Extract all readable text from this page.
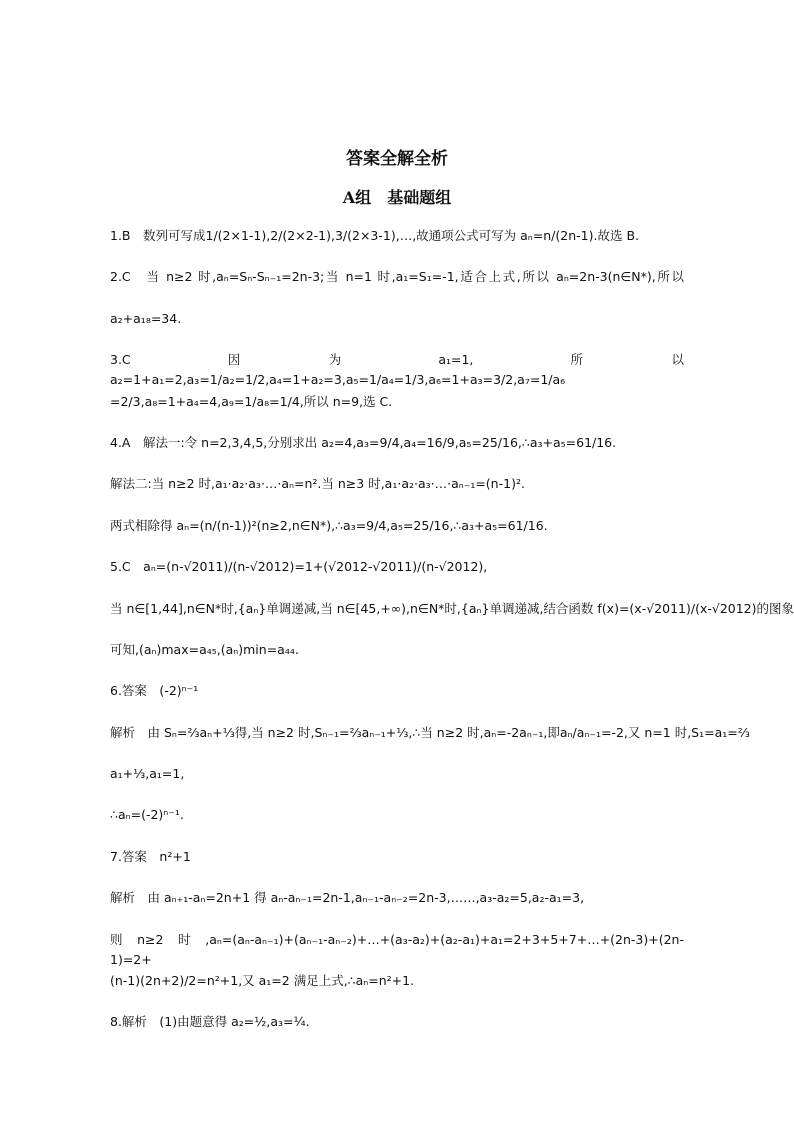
答案全解全析
A组　基础题组
1.B　数列可写成1/(2×1-1),2/(2×2-1),3/(2×3-1),…,故通项公式可写为 aₙ=n/(2n-1).故选 B.
2.C　当 n≥2 时,aₙ=Sₙ-Sₙ₋₁=2n-3;当 n=1 时,a₁=S₁=-1,适合上式,所以 aₙ=2n-3(n∈N*),所以
a₂+a₁₈=34.
3.C　因 为　a₁=1,　所 以　a₂=1+a₁=2,a₃=1/a₂=1/2,a₄=1+a₂=3,a₅=1/a₄=1/3,a₆=1+a₃=3/2,a₇=1/a₆
=2/3,a₈=1+a₄=4,a₉=1/a₈=1/4,所以 n=9,选 C.
4.A　解法一:令 n=2,3,4,5,分别求出 a₂=4,a₃=9/4,a₄=16/9,a₅=25/16,∴a₃+a₅=61/16.
解法二:当 n≥2 时,a₁·a₂·a₃·…·aₙ=n².当 n≥3 时,a₁·a₂·a₃·…·aₙ₋₁=(n-1)².
两式相除得 aₙ=(n/(n-1))²(n≥2,n∈N*),∴a₃=9/4,a₅=25/16,∴a₃+a₅=61/16.
5.C　aₙ=(n-√2011)/(n-√2012)=1+(√2012-√2011)/(n-√2012),
当 n∈[1,44],n∈N*时,{aₙ}单调递减,当 n∈[45,+∞),n∈N*时,{aₙ}单调递减,结合函数 f(x)=(x-√2011)/(x-√2012)的图象
可知,(aₙ)max=a₄₅,(aₙ)min=a₄₄.
6.答案　(-2)ⁿ⁻¹
解析　由 Sₙ=⅔aₙ+⅓得,当 n≥2 时,Sₙ₋₁=⅔aₙ₋₁+⅓,∴当 n≥2 时,aₙ=-2aₙ₋₁,即aₙ/aₙ₋₁=-2,又 n=1 时,S₁=a₁=⅔
a₁+⅓,a₁=1,
∴aₙ=(-2)ⁿ⁻¹.
7.答案　n²+1
解析　由 aₙ₊₁-aₙ=2n+1 得 aₙ-aₙ₋₁=2n-1,aₙ₋₁-aₙ₋₂=2n-3,……,a₃-a₂=5,a₂-a₁=3,
则　n≥2　时　,aₙ=(aₙ-aₙ₋₁)+(aₙ₋₁-aₙ₋₂)+…+(a₃-a₂)+(a₂-a₁)+a₁=2+3+5+7+…+(2n-3)+(2n-1)=2+
(n-1)(2n+2)/2=n²+1,又 a₁=2 满足上式,∴aₙ=n²+1.
8.解析　(1)由题意得 a₂=½,a₃=¼.
